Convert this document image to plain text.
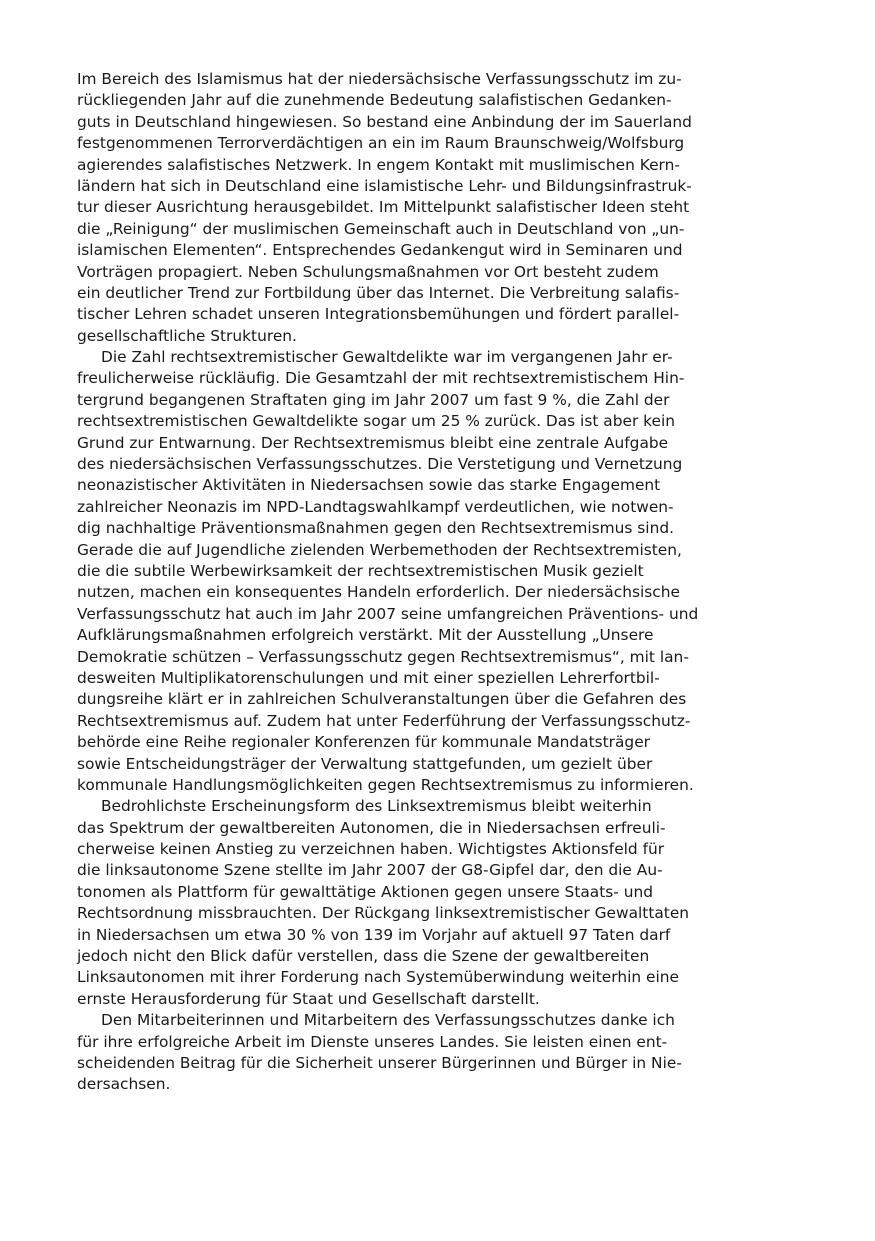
Im Bereich des Islamismus hat der niedersächsische Verfassungsschutz im zu-
rückliegenden Jahr auf die zunehmende Bedeutung salafistischen Gedanken-
guts in Deutschland hingewiesen. So bestand eine Anbindung der im Sauerland
festgenommenen Terrorverdächtigen an ein im Raum Braunschweig/Wolfsburg
agierendes salafistisches Netzwerk. In engem Kontakt mit muslimischen Kern-
ländern hat sich in Deutschland eine islamistische Lehr- und Bildungsinfrastruk-
tur dieser Ausrichtung herausgebildet. Im Mittelpunkt salafistischer Ideen steht
die „Reinigung“ der muslimischen Gemeinschaft auch in Deutschland von „un-
islamischen Elementen“. Entsprechendes Gedankengut wird in Seminaren und
Vorträgen propagiert. Neben Schulungsmaßnahmen vor Ort besteht zudem
ein deutlicher Trend zur Fortbildung über das Internet. Die Verbreitung salafis-
tischer Lehren schadet unseren Integrationsbemühungen und fördert parallel-
gesellschaftliche Strukturen.
Die Zahl rechtsextremistischer Gewaltdelikte war im vergangenen Jahr er-
freulicherweise rückläufig. Die Gesamtzahl der mit rechtsextremistischem Hin-
tergrund begangenen Straftaten ging im Jahr 2007 um fast 9 %, die Zahl der
rechtsextremistischen Gewaltdelikte sogar um 25 % zurück. Das ist aber kein
Grund zur Entwarnung. Der Rechtsextremismus bleibt eine zentrale Aufgabe
des niedersächsischen Verfassungsschutzes. Die Verstetigung und Vernetzung
neonazistischer Aktivitäten in Niedersachsen sowie das starke Engagement
zahlreicher Neonazis im NPD-Landtagswahlkampf verdeutlichen, wie notwen-
dig nachhaltige Präventionsmaßnahmen gegen den Rechtsextremismus sind.
Gerade die auf Jugendliche zielenden Werbemethoden der Rechtsextremisten,
die die subtile Werbewirksamkeit der rechtsextremistischen Musik gezielt
nutzen, machen ein konsequentes Handeln erforderlich. Der niedersächsische
Verfassungsschutz hat auch im Jahr 2007 seine umfangreichen Präventions- und
Aufklärungsmaßnahmen erfolgreich verstärkt. Mit der Ausstellung „Unsere
Demokratie schützen – Verfassungsschutz gegen Rechtsextremismus“, mit lan-
desweiten Multiplikatorenschulungen und mit einer speziellen Lehrerfortbil-
dungsreihe klärt er in zahlreichen Schulveranstaltungen über die Gefahren des
Rechtsextremismus auf. Zudem hat unter Federführung der Verfassungsschutz-
behörde eine Reihe regionaler Konferenzen für kommunale Mandatsträger
sowie Entscheidungsträger der Verwaltung stattgefunden, um gezielt über
kommunale Handlungsmöglichkeiten gegen Rechtsextremismus zu informieren.
Bedrohlichste Erscheinungsform des Linksextremismus bleibt weiterhin
das Spektrum der gewaltbereiten Autonomen, die in Niedersachsen erfreuli-
cherweise keinen Anstieg zu verzeichnen haben. Wichtigstes Aktionsfeld für
die linksautonome Szene stellte im Jahr 2007 der G8-Gipfel dar, den die Au-
tonomen als Plattform für gewalttätige Aktionen gegen unsere Staats- und
Rechtsordnung missbrauchten. Der Rückgang linksextremistischer Gewalttaten
in Niedersachsen um etwa 30 % von 139 im Vorjahr auf aktuell 97 Taten darf
jedoch nicht den Blick dafür verstellen, dass die Szene der gewaltbereiten
Linksautonomen mit ihrer Forderung nach Systemüberwindung weiterhin eine
ernste Herausforderung für Staat und Gesellschaft darstellt.
Den Mitarbeiterinnen und Mitarbeitern des Verfassungsschutzes danke ich
für ihre erfolgreiche Arbeit im Dienste unseres Landes. Sie leisten einen ent-
scheidenden Beitrag für die Sicherheit unserer Bürgerinnen und Bürger in Nie-
dersachsen.
